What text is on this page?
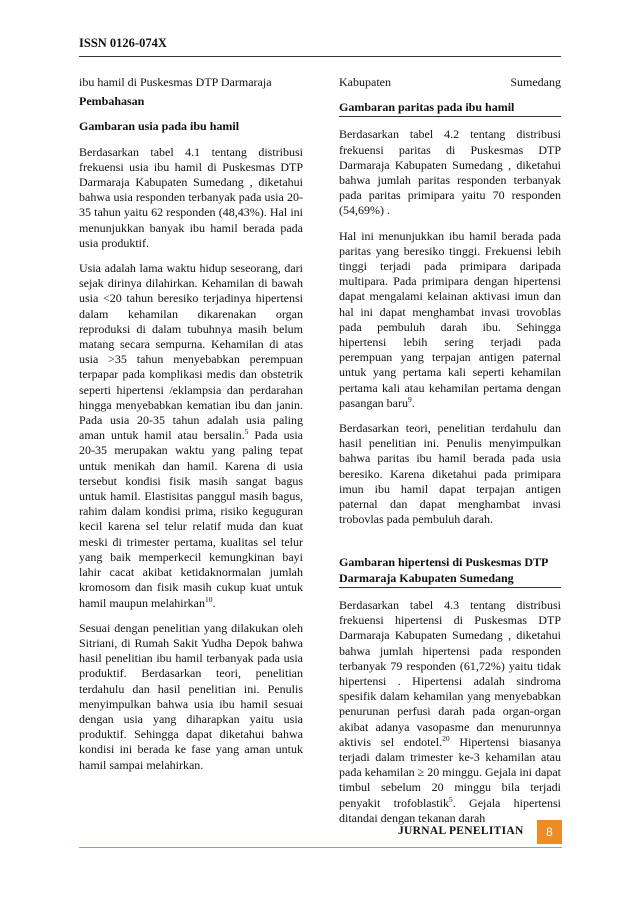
ISSN 0126-074X

ibu hamil di Puskesmas DTP Darmaraja

Pembahasan
Gambaran usia pada ibu hamil

Berdasarkan tabel 4.1 tentang distribusi frekuensi usia ibu hamil di Puskesmas DTP Darmaraja Kabupaten Sumedang , diketahui bahwa usia responden terbanyak pada usia 20-35 tahun yaitu 62 responden (48,43%). Hal ini menunjukkan banyak ibu hamil berada pada usia produktif.

Usia adalah lama waktu hidup seseorang, dari sejak dirinya dilahirkan. Kehamilan di bawah usia <20 tahun beresiko terjadinya hipertensi dalam kehamilan dikarenakan organ reproduksi di dalam tubuhnya masih belum matang secara sempurna. Kehamilan di atas usia >35 tahun menyebabkan perempuan terpapar pada komplikasi medis dan obstetrik seperti hipertensi /eklampsia dan perdarahan hingga menyebabkan kematian ibu dan janin. Pada usia 20-35 tahun adalah usia paling aman untuk hamil atau bersalin.$^5$ Pada usia 20-35 merupakan waktu yang paling tepat untuk menikah dan hamil. Karena di usia tersebut kondisi fisik masih sangat bagus untuk hamil. Elastisitas panggul masih bagus, rahim dalam kondisi prima, risiko keguguran kecil karena sel telur relatif muda dan kuat meski di trimester pertama, kualitas sel telur yang baik memperkecil kemungkinan bayi lahir cacat akibat ketidaknormalan jumlah kromosom dan fisik masih cukup kuat untuk hamil maupun melahirkan$^{10}$.

Sesuai dengan penelitian yang dilakukan oleh Sitriani, di Rumah Sakit Yudha Depok bahwa hasil penelitian ibu hamil terbanyak pada usia produktif. Berdasarkan teori, penelitian terdahulu dan hasil penelitian ini. Penulis menyimpulkan bahwa usia ibu hamil sesuai dengan usia yang diharapkan yaitu usia produktif. Sehingga dapat diketahui bahwa kondisi ini berada ke fase yang aman untuk hamil sampai melahirkan.

Kabupaten	Sumedang

Gambaran paritas pada ibu hamil

Berdasarkan tabel 4.2 tentang distribusi frekuensi paritas di Puskesmas DTP Darmaraja Kabupaten Sumedang , diketahui bahwa jumlah paritas responden terbanyak pada paritas primipara yaitu 70 responden (54,69%) .

Hal ini menunjukkan ibu hamil berada pada paritas yang beresiko tinggi. Frekuensi lebih tinggi terjadi pada primipara daripada multipara. Pada primipara dengan hipertensi dapat mengalami kelainan aktivasi imun dan hal ini dapat menghambat invasi trovoblas pada pembuluh darah ibu. Sehingga hipertensi lebih sering terjadi pada perempuan yang terpajan antigen paternal untuk yang pertama kali seperti kehamilan pertama kali atau kehamilan pertama dengan pasangan baru$^9$.

Berdasarkan teori, penelitian terdahulu dan hasil penelitian ini. Penulis menyimpulkan bahwa paritas ibu hamil berada pada usia beresiko. Karena diketahui pada primipara imun ibu hamil dapat terpajan antigen paternal dan dapat menghambat invasi trobovlas pada pembuluh darah.

Gambaran hipertensi di Puskesmas DTP Darmaraja Kabupaten Sumedang

Berdasarkan tabel 4.3 tentang distribusi frekuensi hipertensi di Puskesmas DTP Darmaraja Kabupaten Sumedang , diketahui bahwa jumlah hipertensi pada responden terbanyak 79 responden (61,72%) yaitu tidak hipertensi . Hipertensi adalah sindroma spesifik dalam kehamilan yang menyebabkan penurunan perfusi darah pada organ-organ akibat adanya vasopasme dan menurunnya aktivis sel endotel.$^{20}$ Hipertensi biasanya terjadi dalam trimester ke-3 kehamilan atau pada kehamilan ≥ 20 minggu. Gejala ini dapat timbul sebelum 20 minggu bila terjadi penyakit trofoblastik$^5$. Gejala hipertensi ditandai dengan tekanan darah

JURNAL PENELITIAN	8
